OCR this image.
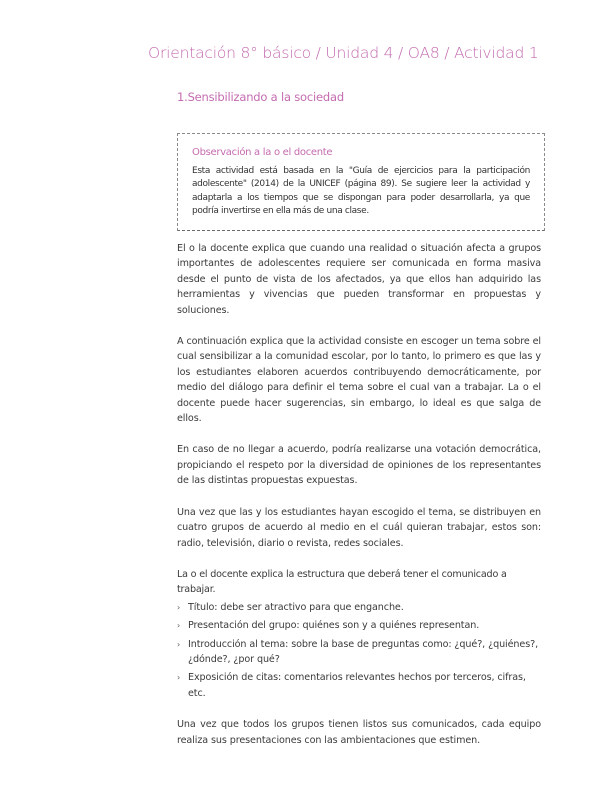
Orientación 8° básico / Unidad 4 / OA8 / Actividad 1
1.Sensibilizando a la sociedad
Observación a la o el docente
Esta actividad está basada en la "Guía de ejercicios para la participación adolescente" (2014) de la UNICEF (página 89). Se sugiere leer la actividad y adaptarla a los tiempos que se dispongan para poder desarrollarla, ya que podría invertirse en ella más de una clase.

El o la docente explica que cuando una realidad o situación afecta a grupos importantes de adolescentes requiere ser comunicada en forma masiva desde el punto de vista de los afectados, ya que ellos han adquirido las herramientas y vivencias que pueden transformar en propuestas y soluciones.

A continuación explica que la actividad consiste en escoger un tema sobre el cual sensibilizar a la comunidad escolar, por lo tanto, lo primero es que las y los estudiantes elaboren acuerdos contribuyendo democráticamente, por medio del diálogo para definir el tema sobre el cual van a trabajar. La o el docente puede hacer sugerencias, sin embargo, lo ideal es que salga de ellos.

En caso de no llegar a acuerdo, podría realizarse una votación democrática, propiciando el respeto por la diversidad de opiniones de los representantes de las distintas propuestas expuestas.

Una vez que las y los estudiantes hayan escogido el tema, se distribuyen en cuatro grupos de acuerdo al medio en el cuál quieran trabajar, estos son: radio, televisión, diario o revista, redes sociales.

La o el docente explica la estructura que deberá tener el comunicado a trabajar.

› Título: debe ser atractivo para que enganche.
› Presentación del grupo: quiénes son y a quiénes representan.
› Introducción al tema: sobre la base de preguntas como: ¿qué?, ¿quiénes?, ¿dónde?, ¿por qué?
› Exposición de citas: comentarios relevantes hechos por terceros, cifras, etc.

Una vez que todos los grupos tienen listos sus comunicados, cada equipo realiza sus presentaciones con las ambientaciones que estimen.
